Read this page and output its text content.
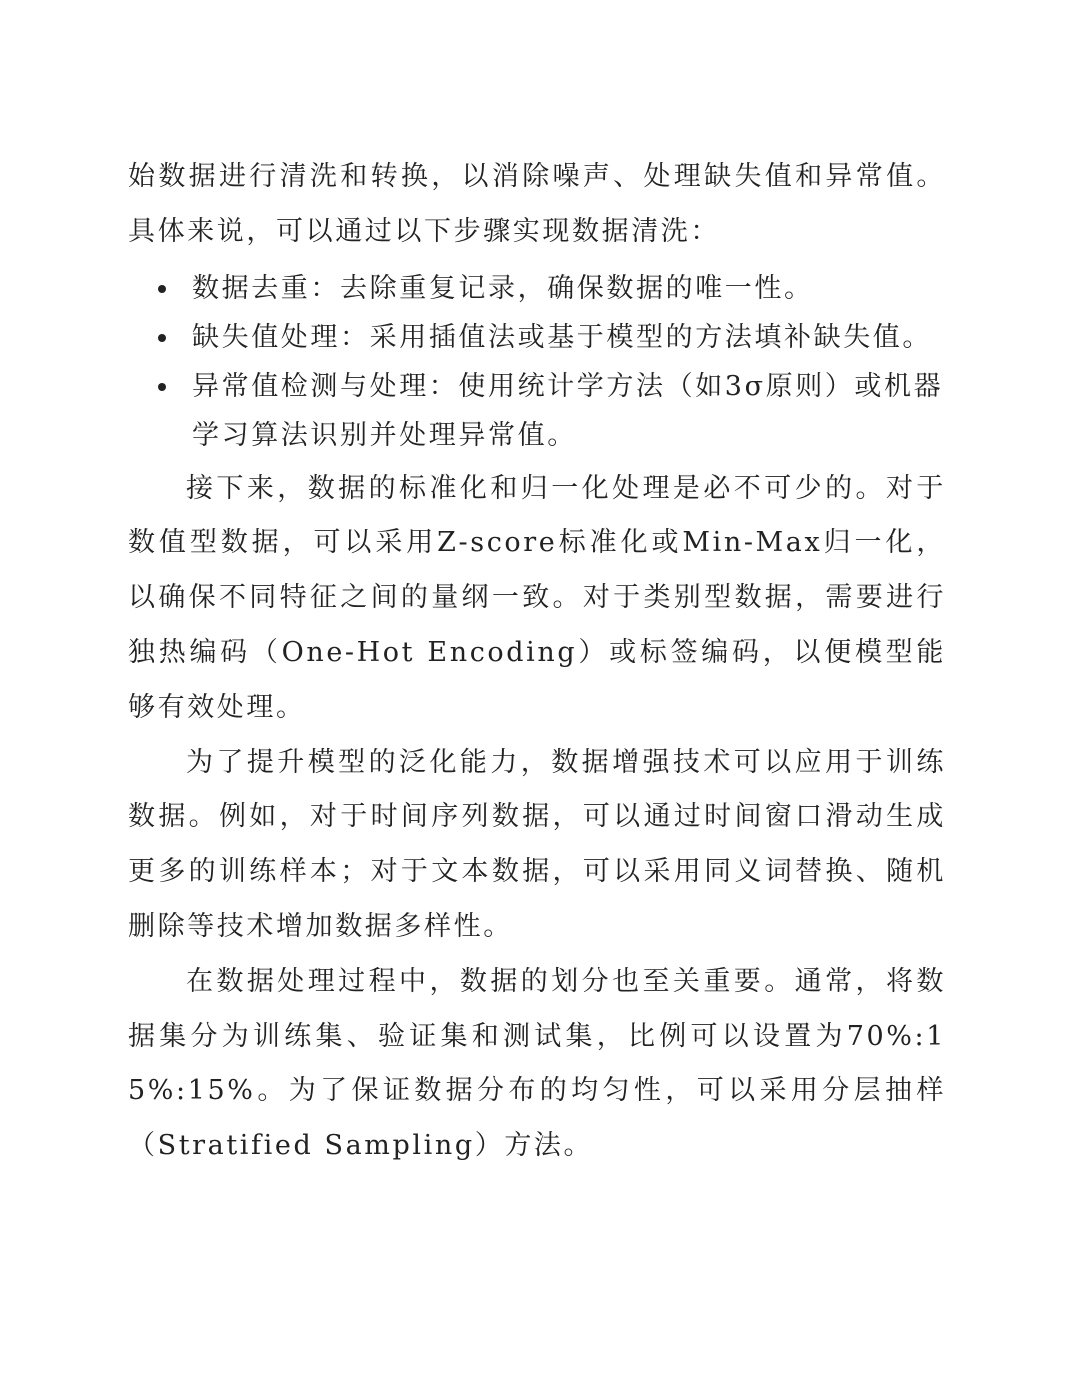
始数据进行清洗和转换，以消除噪声、处理缺失值和异常值。具体来说，可以通过以下步骤实现数据清洗：

数据去重：去除重复记录，确保数据的唯一性。
缺失值处理：采用插值法或基于模型的方法填补缺失值。
异常值检测与处理：使用统计学方法（如3σ原则）或机器学习算法识别并处理异常值。

接下来，数据的标准化和归一化处理是必不可少的。对于数值型数据，可以采用Z-score标准化或Min-Max归一化，以确保不同特征之间的量纲一致。对于类别型数据，需要进行独热编码（One-Hot Encoding）或标签编码，以便模型能够有效处理。

为了提升模型的泛化能力，数据增强技术可以应用于训练数据。例如，对于时间序列数据，可以通过时间窗口滑动生成更多的训练样本；对于文本数据，可以采用同义词替换、随机删除等技术增加数据多样性。

在数据处理过程中，数据的划分也至关重要。通常，将数据集分为训练集、验证集和测试集，比例可以设置为70%:15%:15%。为了保证数据分布的均匀性，可以采用分层抽样（Stratified Sampling）方法。
